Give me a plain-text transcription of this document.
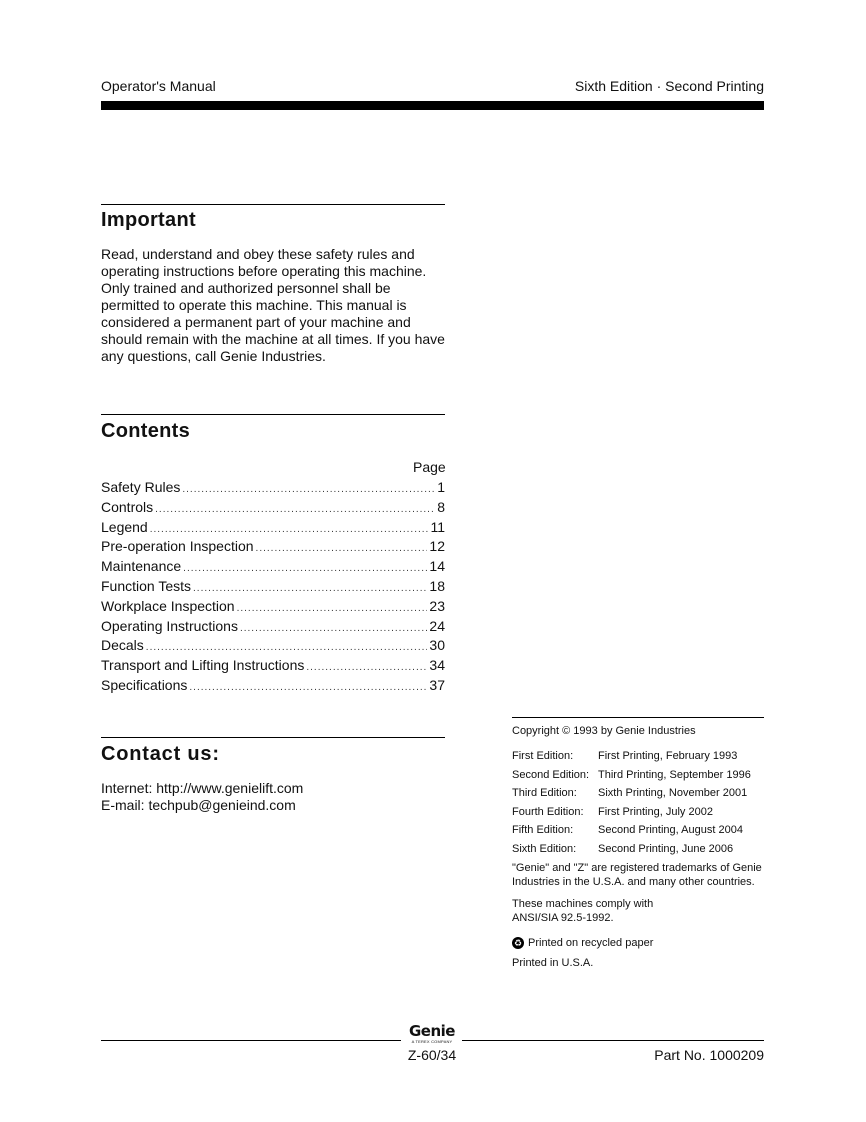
Operator's Manual	Sixth Edition · Second Printing
Important
Read, understand and obey these safety rules and operating instructions before operating this machine. Only trained and authorized personnel shall be permitted to operate this machine. This manual is considered a permanent part of your machine and should remain with the machine at all times. If you have any questions, call Genie Industries.
Contents
Page
Safety Rules .....	1
Controls .....	8
Legend .....	11
Pre-operation Inspection .....	12
Maintenance .....	14
Function Tests .....	18
Workplace Inspection .....	23
Operating Instructions .....	24
Decals .....	30
Transport and Lifting Instructions .....	34
Specifications .....	37
Contact us:
Internet: http://www.genielift.com
E-mail: techpub@genieind.com
Copyright © 1993 by Genie Industries
First Edition:	First Printing, February 1993
Second Edition: Third Printing, September 1996
Third Edition:	Sixth Printing, November 2001
Fourth Edition:	First Printing, July 2002
Fifth Edition:	Second Printing, August 2004
Sixth Edition:	Second Printing, June 2006
"Genie" and "Z" are registered trademarks of Genie Industries in the U.S.A. and many other countries.
These machines comply with ANSI/SIA 92.5-1992.
♻ Printed on recycled paper
Printed in U.S.A.
Genie
A TEREX COMPANY
Z-60/34	Part No. 1000209
